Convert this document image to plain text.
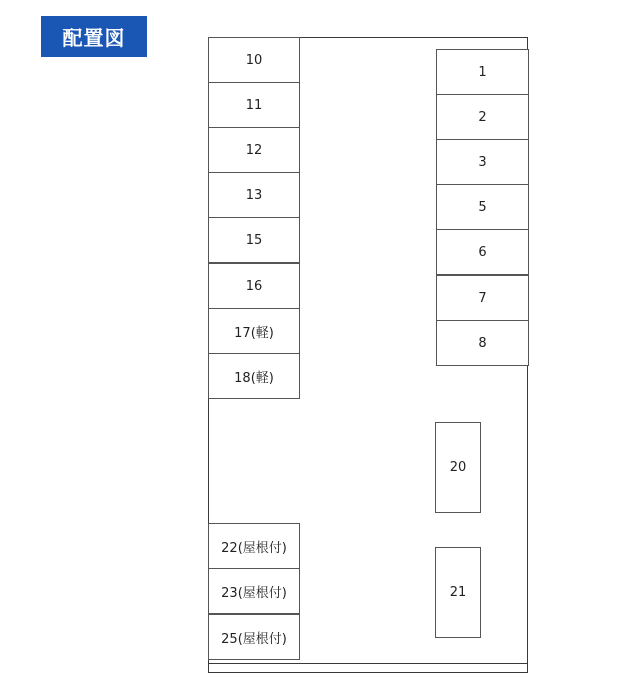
配置図
10
11
12
13
15
16
17(軽)
18(軽)
1
2
3
5
6
7
8
20
21
22(屋根付)
23(屋根付)
25(屋根付)
